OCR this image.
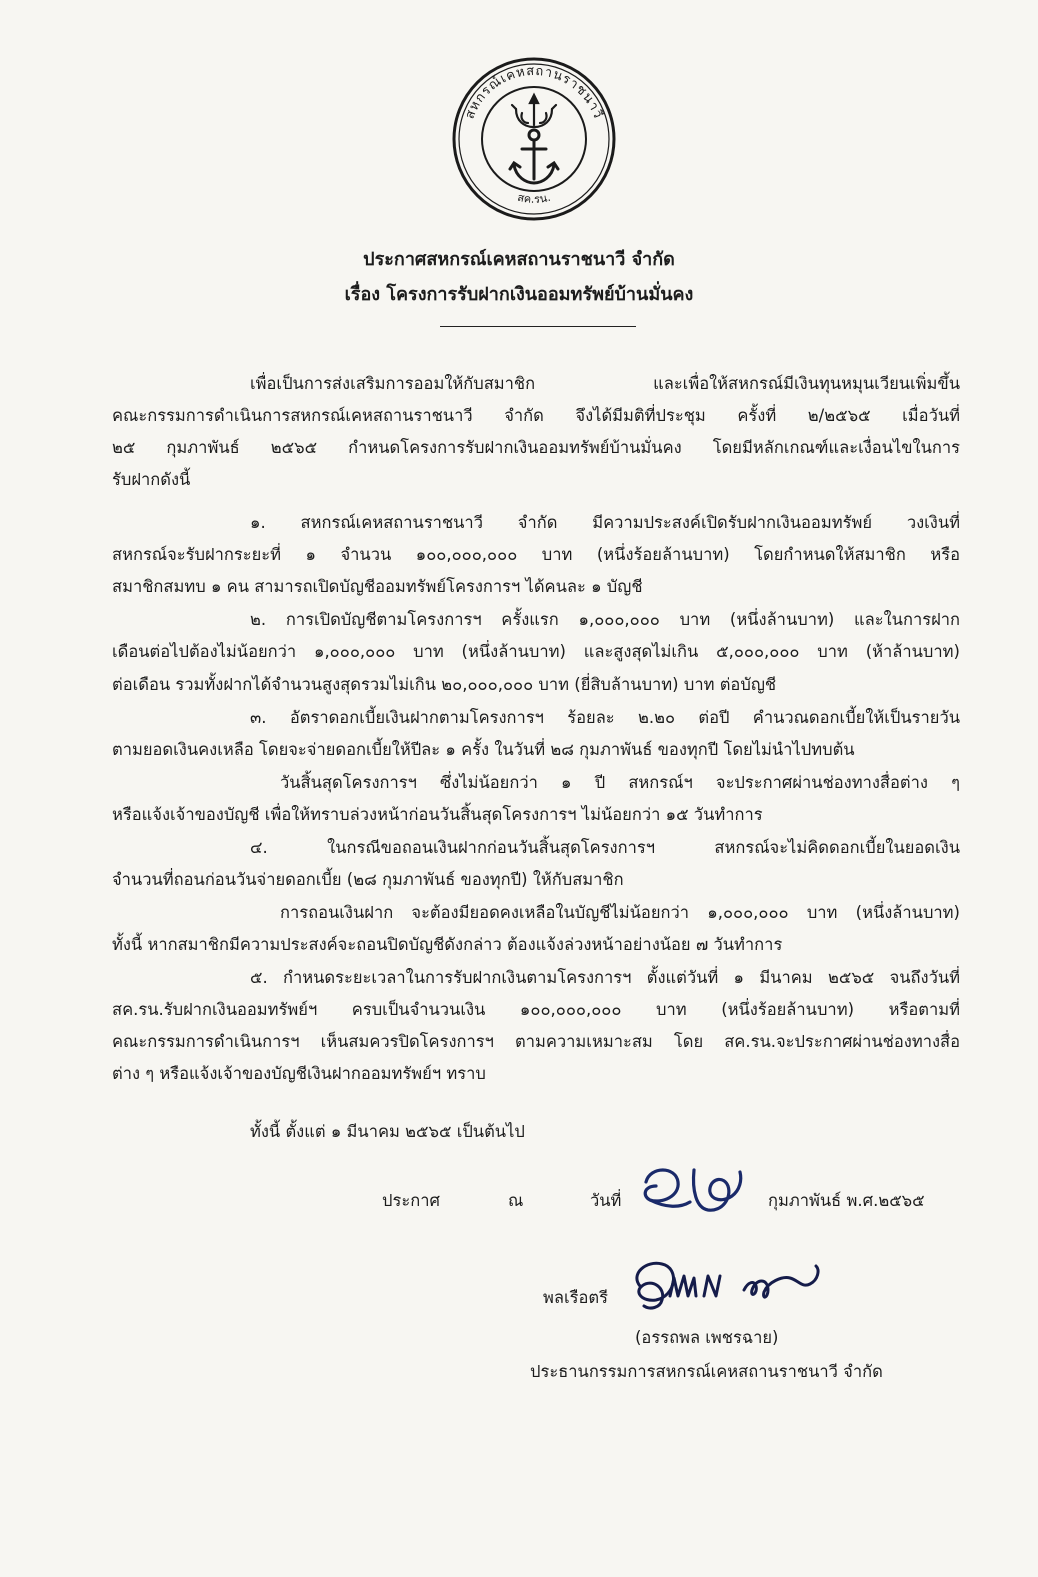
สหกรณ์เคหสถานราชนาวี
สค.รน.
ประกาศสหกรณ์เคหสถานราชนาวี จำกัด
เรื่อง โครงการรับฝากเงินออมทรัพย์บ้านมั่นคง
เพื่อเป็นการส่งเสริมการออมให้กับสมาชิก และเพื่อให้สหกรณ์มีเงินทุนหมุนเวียนเพิ่มขึ้น
คณะกรรมการดำเนินการสหกรณ์เคหสถานราชนาวี จำกัด จึงได้มีมติที่ประชุม ครั้งที่ ๒/๒๕๖๕ เมื่อวันที่
๒๕ กุมภาพันธ์ ๒๕๖๕ กำหนดโครงการรับฝากเงินออมทรัพย์บ้านมั่นคง โดยมีหลักเกณฑ์และเงื่อนไขในการ
รับฝากดังนี้
๑. สหกรณ์เคหสถานราชนาวี จำกัด มีความประสงค์เปิดรับฝากเงินออมทรัพย์ วงเงินที่
สหกรณ์จะรับฝากระยะที่ ๑ จำนวน ๑๐๐,๐๐๐,๐๐๐ บาท (หนึ่งร้อยล้านบาท) โดยกำหนดให้สมาชิก หรือ
สมาชิกสมทบ ๑ คน สามารถเปิดบัญชีออมทรัพย์โครงการฯ ได้คนละ ๑ บัญชี
๒. การเปิดบัญชีตามโครงการฯ ครั้งแรก ๑,๐๐๐,๐๐๐ บาท (หนึ่งล้านบาท) และในการฝาก
เดือนต่อไปต้องไม่น้อยกว่า ๑,๐๐๐,๐๐๐ บาท (หนึ่งล้านบาท) และสูงสุดไม่เกิน ๕,๐๐๐,๐๐๐ บาท (ห้าล้านบาท)
ต่อเดือน รวมทั้งฝากได้จำนวนสูงสุดรวมไม่เกิน ๒๐,๐๐๐,๐๐๐ บาท (ยี่สิบล้านบาท) บาท ต่อบัญชี
๓. อัตราดอกเบี้ยเงินฝากตามโครงการฯ ร้อยละ ๒.๒๐ ต่อปี คำนวณดอกเบี้ยให้เป็นรายวัน
ตามยอดเงินคงเหลือ โดยจะจ่ายดอกเบี้ยให้ปีละ ๑ ครั้ง ในวันที่ ๒๘ กุมภาพันธ์ ของทุกปี โดยไม่นำไปทบต้น
วันสิ้นสุดโครงการฯ ซึ่งไม่น้อยกว่า ๑ ปี สหกรณ์ฯ จะประกาศผ่านช่องทางสื่อต่าง ๆ
หรือแจ้งเจ้าของบัญชี เพื่อให้ทราบล่วงหน้าก่อนวันสิ้นสุดโครงการฯ ไม่น้อยกว่า ๑๕ วันทำการ
๔. ในกรณีขอถอนเงินฝากก่อนวันสิ้นสุดโครงการฯ สหกรณ์จะไม่คิดดอกเบี้ยในยอดเงิน
จำนวนที่ถอนก่อนวันจ่ายดอกเบี้ย (๒๘ กุมภาพันธ์ ของทุกปี) ให้กับสมาชิก
การถอนเงินฝาก จะต้องมียอดคงเหลือในบัญชีไม่น้อยกว่า ๑,๐๐๐,๐๐๐ บาท (หนึ่งล้านบาท)
ทั้งนี้ หากสมาชิกมีความประสงค์จะถอนปิดบัญชีดังกล่าว ต้องแจ้งล่วงหน้าอย่างน้อย ๗ วันทำการ
๕. กำหนดระยะเวลาในการรับฝากเงินตามโครงการฯ ตั้งแต่วันที่ ๑ มีนาคม ๒๕๖๕ จนถึงวันที่
สค.รน.รับฝากเงินออมทรัพย์ฯ ครบเป็นจำนวนเงิน ๑๐๐,๐๐๐,๐๐๐ บาท (หนึ่งร้อยล้านบาท) หรือตามที่
คณะกรรมการดำเนินการฯ เห็นสมควรปิดโครงการฯ ตามความเหมาะสม โดย สค.รน.จะประกาศผ่านช่องทางสื่อ
ต่าง ๆ หรือแจ้งเจ้าของบัญชีเงินฝากออมทรัพย์ฯ ทราบ
ทั้งนี้ ตั้งแต่ ๑ มีนาคม ๒๕๖๕ เป็นต้นไป
ประกาศ	ณ	วันที่	กุมภาพันธ์ พ.ศ.๒๕๖๕
พลเรือตรี
(อรรถพล เพชรฉาย)
ประธานกรรมการสหกรณ์เคหสถานราชนาวี จำกัด
